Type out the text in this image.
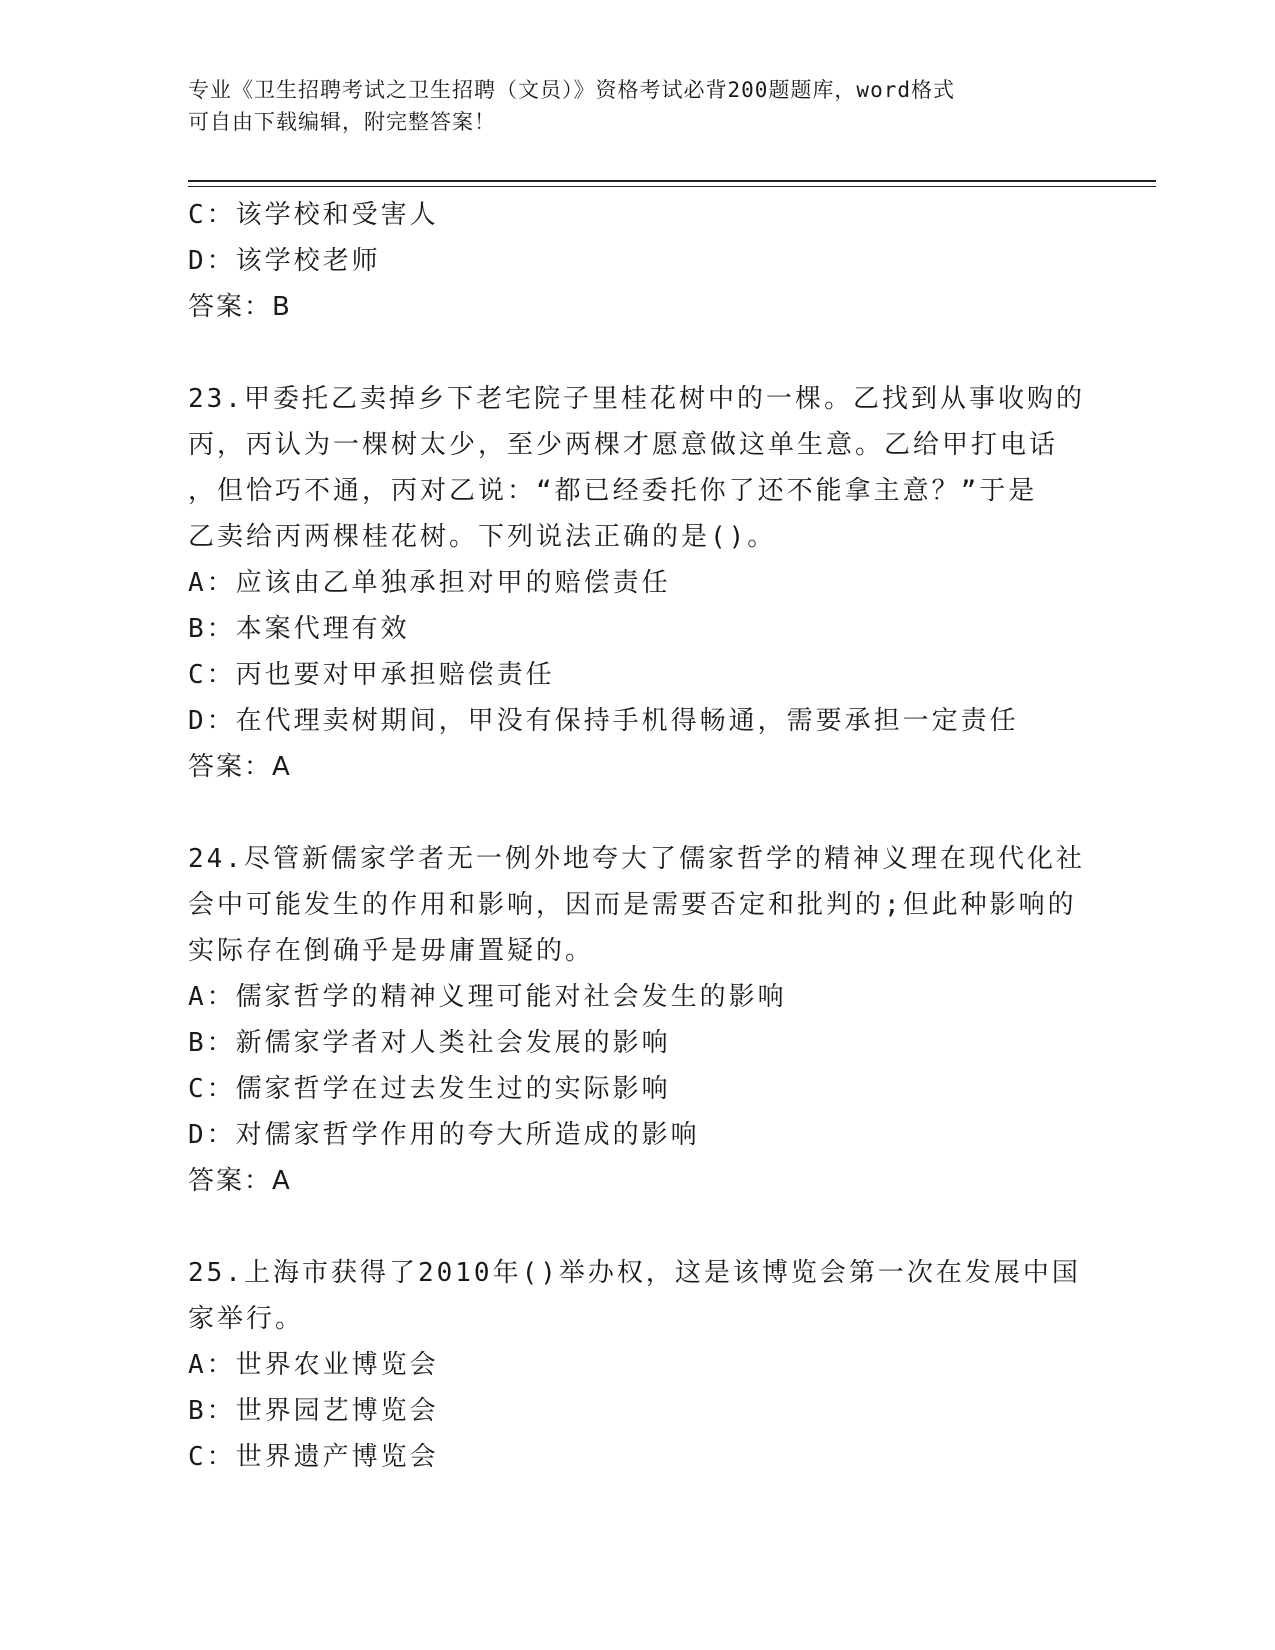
专业《卫生招聘考试之卫生招聘（文员）》资格考试必背200题题库，word格式
可自由下载编辑，附完整答案！
C：该学校和受害人
D：该学校老师
答案：B
23.甲委托乙卖掉乡下老宅院子里桂花树中的一棵。乙找到从事收购的
丙，丙认为一棵树太少，至少两棵才愿意做这单生意。乙给甲打电话
，但恰巧不通，丙对乙说：“都已经委托你了还不能拿主意？”于是
乙卖给丙两棵桂花树。下列说法正确的是()。
A：应该由乙单独承担对甲的赔偿责任
B：本案代理有效
C：丙也要对甲承担赔偿责任
D：在代理卖树期间，甲没有保持手机得畅通，需要承担一定责任
答案：A
24.尽管新儒家学者无一例外地夸大了儒家哲学的精神义理在现代化社
会中可能发生的作用和影响，因而是需要否定和批判的;但此种影响的
实际存在倒确乎是毋庸置疑的。
A：儒家哲学的精神义理可能对社会发生的影响
B：新儒家学者对人类社会发展的影响
C：儒家哲学在过去发生过的实际影响
D：对儒家哲学作用的夸大所造成的影响
答案：A
25.上海市获得了2010年()举办权，这是该博览会第一次在发展中国
家举行。
A：世界农业博览会
B：世界园艺博览会
C：世界遗产博览会
